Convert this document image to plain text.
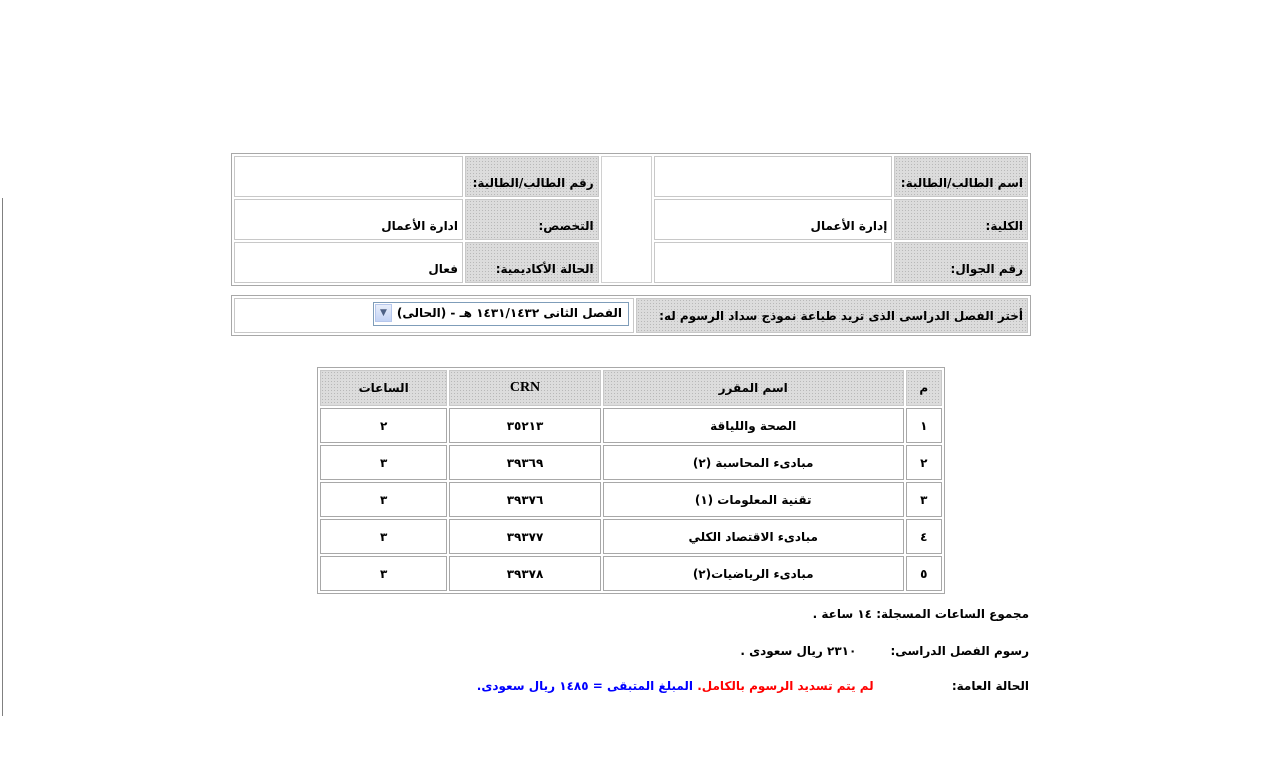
اسم الطالب/الطالبة:			رقم الطالب/الطالبة:	
الكلية:	إدارة الأعمال		التخصص:	ادارة الأعمال
رقم الجوال:			الحالة الأكاديمية:	فعال
أختر الفصل الدراسى الذى تريد طباعة نموذج سداد الرسوم له:	
الفصل الثانى ١٤٣١/١٤٣٢ هـ - (الحالى)
▼
م	اسم المقرر	CRN	الساعات
١	الصحة واللياقة	٣٥٢١٣	٢
٢	مبادىء المحاسبة (٢)	٣٩٣٦٩	٣
٣	تقنية المعلومات (١)	٣٩٣٧٦	٣
٤	مبادىء الاقتصاد الكلي	٣٩٣٧٧	٣
٥	مبادىء الرياضيات(٢)	٣٩٣٧٨	٣
مجموع الساعات المسجلة: ١٤ ساعة .
رسوم الفصل الدراسى: ٢٣١٠ ريال سعودى .
الحالة العامة: لم يتم تسديد الرسوم بالكامل. المبلغ المتبقى = ١٤٨٥ ريال سعودى.
